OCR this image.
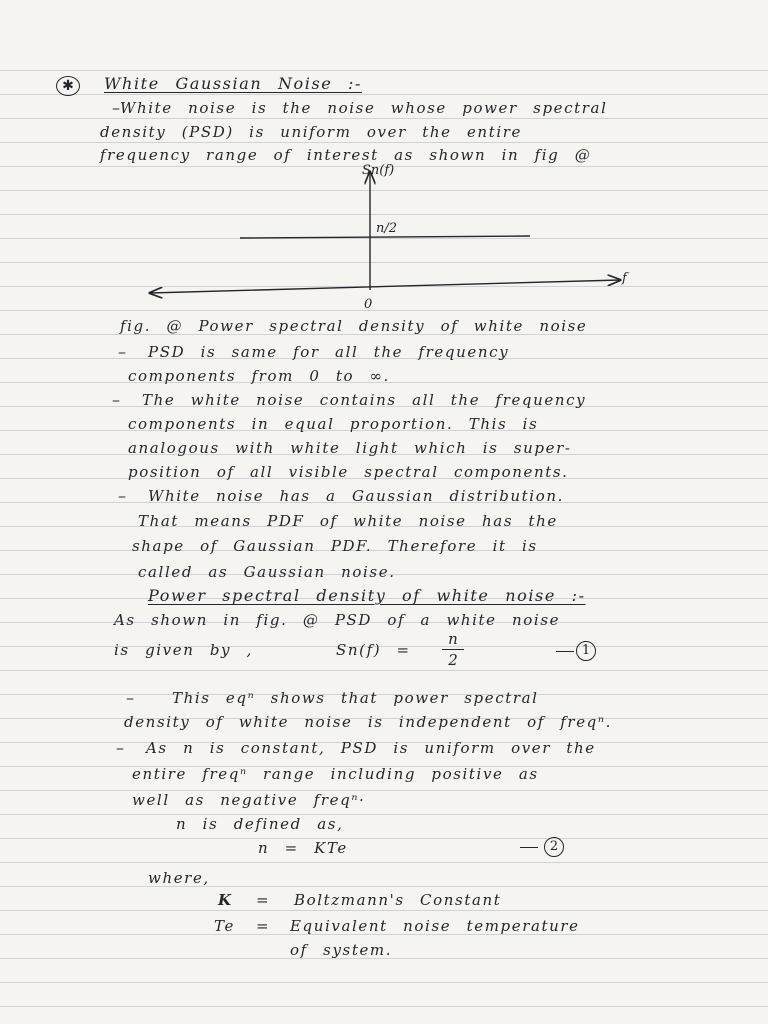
✱	White Gaussian Noise :-
– White noise is the noise whose power spectral
density (PSD) is uniform over the entire
frequency range of interest as shown in fig @
Sn(f)
n/2
f
0
fig. @ Power spectral density of white noise
– PSD is same for all the frequency
components from 0 to ∞.
– The white noise contains all the frequency
components in equal proportion. This is
analogous with white light which is super-
position of all visible spectral components.
– White noise has a Gaussian distribution.
That means PDF of white noise has the
shape of Gaussian PDF. Therefore it is
called as Gaussian noise.
Power spectral density of white noise :-
As shown in fig. @ PSD of a white noise
is given by ,	Sn(f) =
n
2
1
–	This eqⁿ shows that power spectral
density of white noise is independent of freqⁿ.
– As n is constant, PSD is uniform over the
entire freqⁿ range including positive as
well as negative freqⁿ·
n is defined as,
n = KTe	2
where,
K = Boltzmann's Constant
Te = Equivalent noise temperature
of system.
